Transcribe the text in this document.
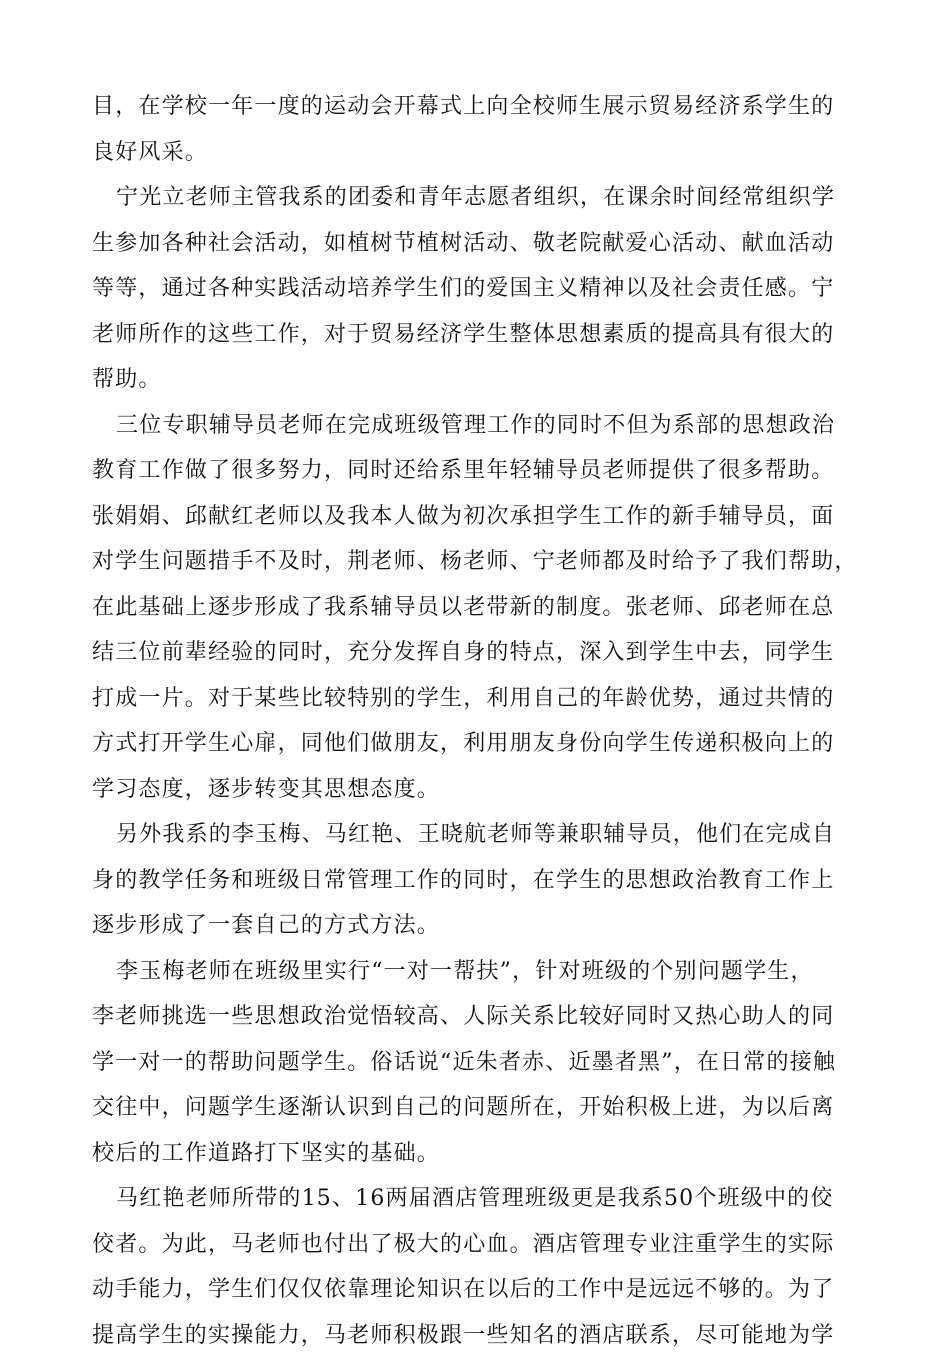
目，在学校一年一度的运动会开幕式上向全校师生展示贸易经济系学生的
良好风采。
宁光立老师主管我系的团委和青年志愿者组织，在课余时间经常组织学
生参加各种社会活动，如植树节植树活动、敬老院献爱心活动、献血活动
等等，通过各种实践活动培养学生们的爱国主义精神以及社会责任感。宁
老师所作的这些工作，对于贸易经济学生整体思想素质的提高具有很大的
帮助。
三位专职辅导员老师在完成班级管理工作的同时不但为系部的思想政治
教育工作做了很多努力，同时还给系里年轻辅导员老师提供了很多帮助。
张娟娟、邱献红老师以及我本人做为初次承担学生工作的新手辅导员，面
对学生问题措手不及时，荆老师、杨老师、宁老师都及时给予了我们帮助，
在此基础上逐步形成了我系辅导员以老带新的制度。张老师、邱老师在总
结三位前辈经验的同时，充分发挥自身的特点，深入到学生中去，同学生
打成一片。对于某些比较特别的学生，利用自己的年龄优势，通过共情的
方式打开学生心扉，同他们做朋友，利用朋友身份向学生传递积极向上的
学习态度，逐步转变其思想态度。
另外我系的李玉梅、马红艳、王晓航老师等兼职辅导员，他们在完成自
身的教学任务和班级日常管理工作的同时，在学生的思想政治教育工作上
逐步形成了一套自己的方式方法。
李玉梅老师在班级里实行“一对一帮扶”，针对班级的个别问题学生，
李老师挑选一些思想政治觉悟较高、人际关系比较好同时又热心助人的同
学一对一的帮助问题学生。俗话说“近朱者赤、近墨者黑”，在日常的接触
交往中，问题学生逐渐认识到自己的问题所在，开始积极上进，为以后离
校后的工作道路打下坚实的基础。
马红艳老师所带的15、16两届酒店管理班级更是我系50个班级中的佼
佼者。为此，马老师也付出了极大的心血。酒店管理专业注重学生的实际
动手能力，学生们仅仅依靠理论知识在以后的工作中是远远不够的。为了
提高学生的实操能力，马老师积极跟一些知名的酒店联系，尽可能地为学
